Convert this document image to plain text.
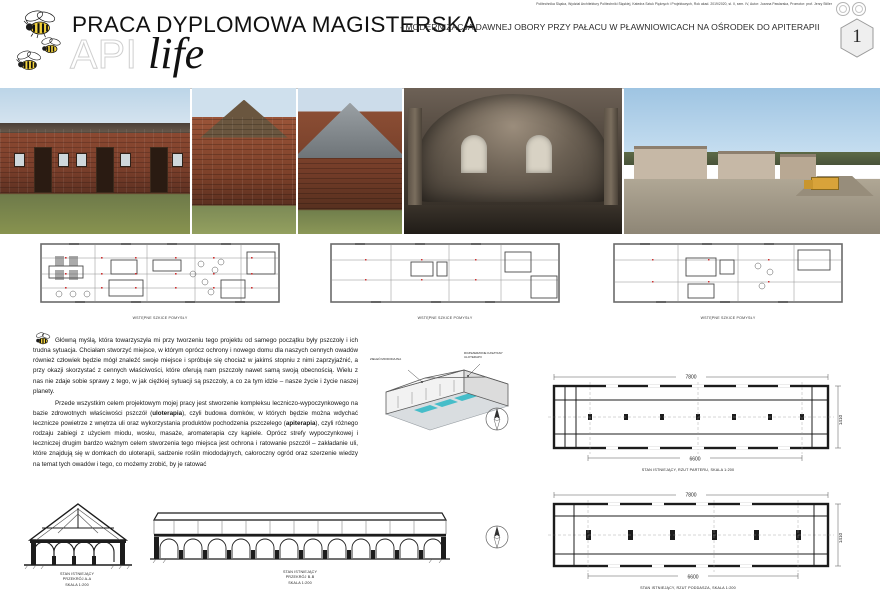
Politechnika Śląska, Wydział Architektury Politechniki Śląskiej, Katedra Sztuk Pięknych i Projektowych, Rok akad. 2019/2020, sł. II, sem. IV, Autor: Joanna Pawlarska, Promotor: prof. Jerzy Stiller
PRACA DYPLOMOWA MAGISTERSKA
- MODERNIZACJA DAWNEJ OBORY PRZY PAŁACU W PŁAWNIOWICACH NA OŚRODEK DO APITERAPII
API life	1
WSTĘPNE SZKICE POMYSŁY	WSTĘPNE SZKICE POMYSŁY	WSTĘPNE SZKICE POMYSŁY

Główną myślą, która towarzyszyła mi przy tworzeniu tego projektu od samego początku były pszczoły i ich trudna sytuacja. Chciałam stworzyć miejsce, w którym oprócz ochrony i nowego domu dla naszych cennych owadów również człowiek będzie mógł znaleźć swoje miejsce i spróbuje się chociaż w jakimś stopniu z nimi zaprzyjaźnić, a przy okazji skorzystać z cennych właściwości, które oferują nam pszczoły nawet samą swoją obecnością. Wielu z nas nie zdaje sobie sprawy z tego, w jak ciężkiej sytuacji są pszczoły, a co za tym idzie – nasze życie i życie naszej planety.

Przede wszystkim celem projektowym mojej pracy jest stworzenie kompleksu leczniczo-wypoczynkowego na bazie zdrowotnych właściwości pszczół (uloterapia), czyli budowa domków, w których będzie można wdychać lecznicze powietrze z wnętrza uli oraz wykorzystania produktów pochodzenia pszczelego (apiterapia), czyli różnego rodzaju zabiegi z użyciem miodu, wosku, masaże, aromaterapia czy kąpiele. Oprócz strefy wypoczynkowej i leczniczej drugim bardzo ważnym celem stworzenia tego miejsca jest ochrona i ratowanie pszczół – zakładanie uli, które znajdują się w domkach do uloterapii, sadzenie roślin miododajnych, całoroczny ogród oraz szerzenie wiedzy na temat tych owadów i tego, co możemy zrobić, by je ratować

ZIELEŃ MIODODAJNA
ROZSZERZONE KASZTANY ULOTERAPII
7800
6600
1410
STAN ISTNIEJĄCY, RZUT PARTERU, SKALA 1:200
7800
6600
1410
STAN ISTNIEJĄCY, RZUT PODDASZA, SKALA 1:200
STAN ISTNIEJĄCY
PRZEKRÓJ A-A
SKALA 1:200
STAN ISTNIEJĄCY
PRZEKRÓJ B-B
SKALA 1:200
